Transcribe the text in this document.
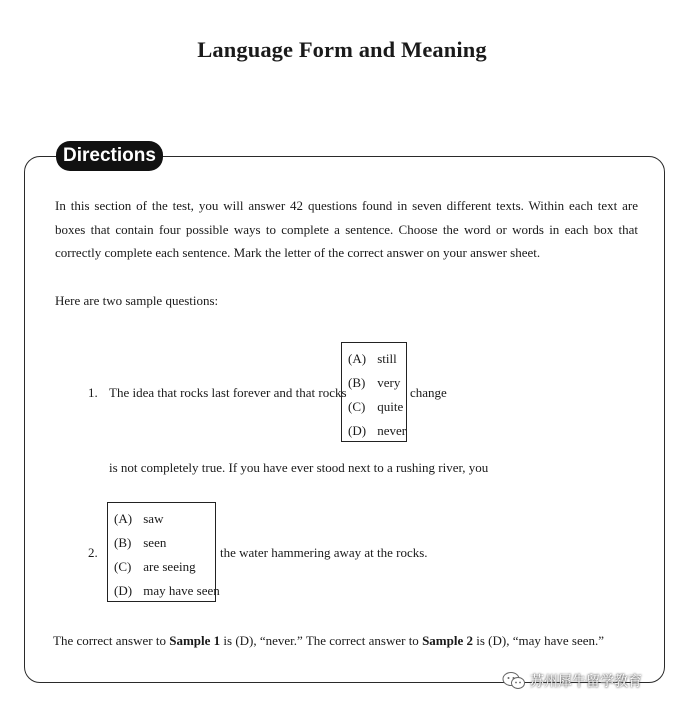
Language Form and Meaning
Directions
In this section of the test, you will answer 42 questions found in seven different texts. Within each text are boxes that contain four possible ways to complete a sentence. Choose the word or words in each box that correctly complete each sentence. Mark the letter of the correct answer on your answer sheet.
Here are two sample questions:
1. The idea that rocks last forever and that rocks
(A) still
(B) very
(C) quite
(D) never
change
is not completely true. If you have ever stood next to a rushing river, you
2.
(A) saw
(B) seen
(C) are seeing
(D) may have seen
the water hammering away at the rocks.
The correct answer to Sample 1 is (D), “never.” The correct answer to Sample 2 is (D), “may have seen.”
苏州犀牛留学教育
